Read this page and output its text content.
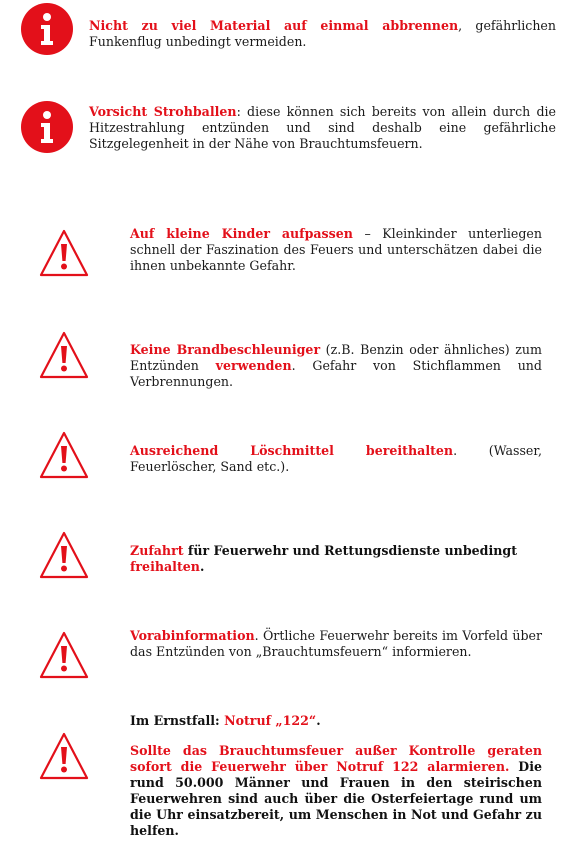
Nicht zu viel Material auf einmal abbrennen, gefährlichen Funkenflug unbedingt vermeiden.
Vorsicht Strohballen: diese können sich bereits von allein durch die Hitzestrahlung entzünden und sind deshalb eine gefährliche Sitzgelegenheit in der Nähe von Brauchtumsfeuern.
Auf kleine Kinder aufpassen – Kleinkinder unterliegen schnell der Faszination des Feuers und unterschätzen dabei die ihnen unbekannte Gefahr.
Keine Brandbeschleuniger (z.B. Benzin oder ähnliches) zum Entzünden verwenden. Gefahr von Stichflammen und Verbrennungen.
Ausreichend Löschmittel bereithalten. (Wasser, Feuerlöscher, Sand etc.).
Zufahrt für Feuerwehr und Rettungsdienste unbedingt freihalten.
Vorabinformation. Örtliche Feuerwehr bereits im Vorfeld über das Entzünden von „Brauchtumsfeuern“ informieren.
Im Ernstfall: Notruf „122“.
Sollte das Brauchtumsfeuer außer Kontrolle geraten sofort die Feuerwehr über Notruf 122 alarmieren. Die rund 50.000 Männer und Frauen in den steirischen Feuerwehren sind auch über die Osterfeiertage rund um die Uhr einsatzbereit, um Menschen in Not und Gefahr zu helfen.
